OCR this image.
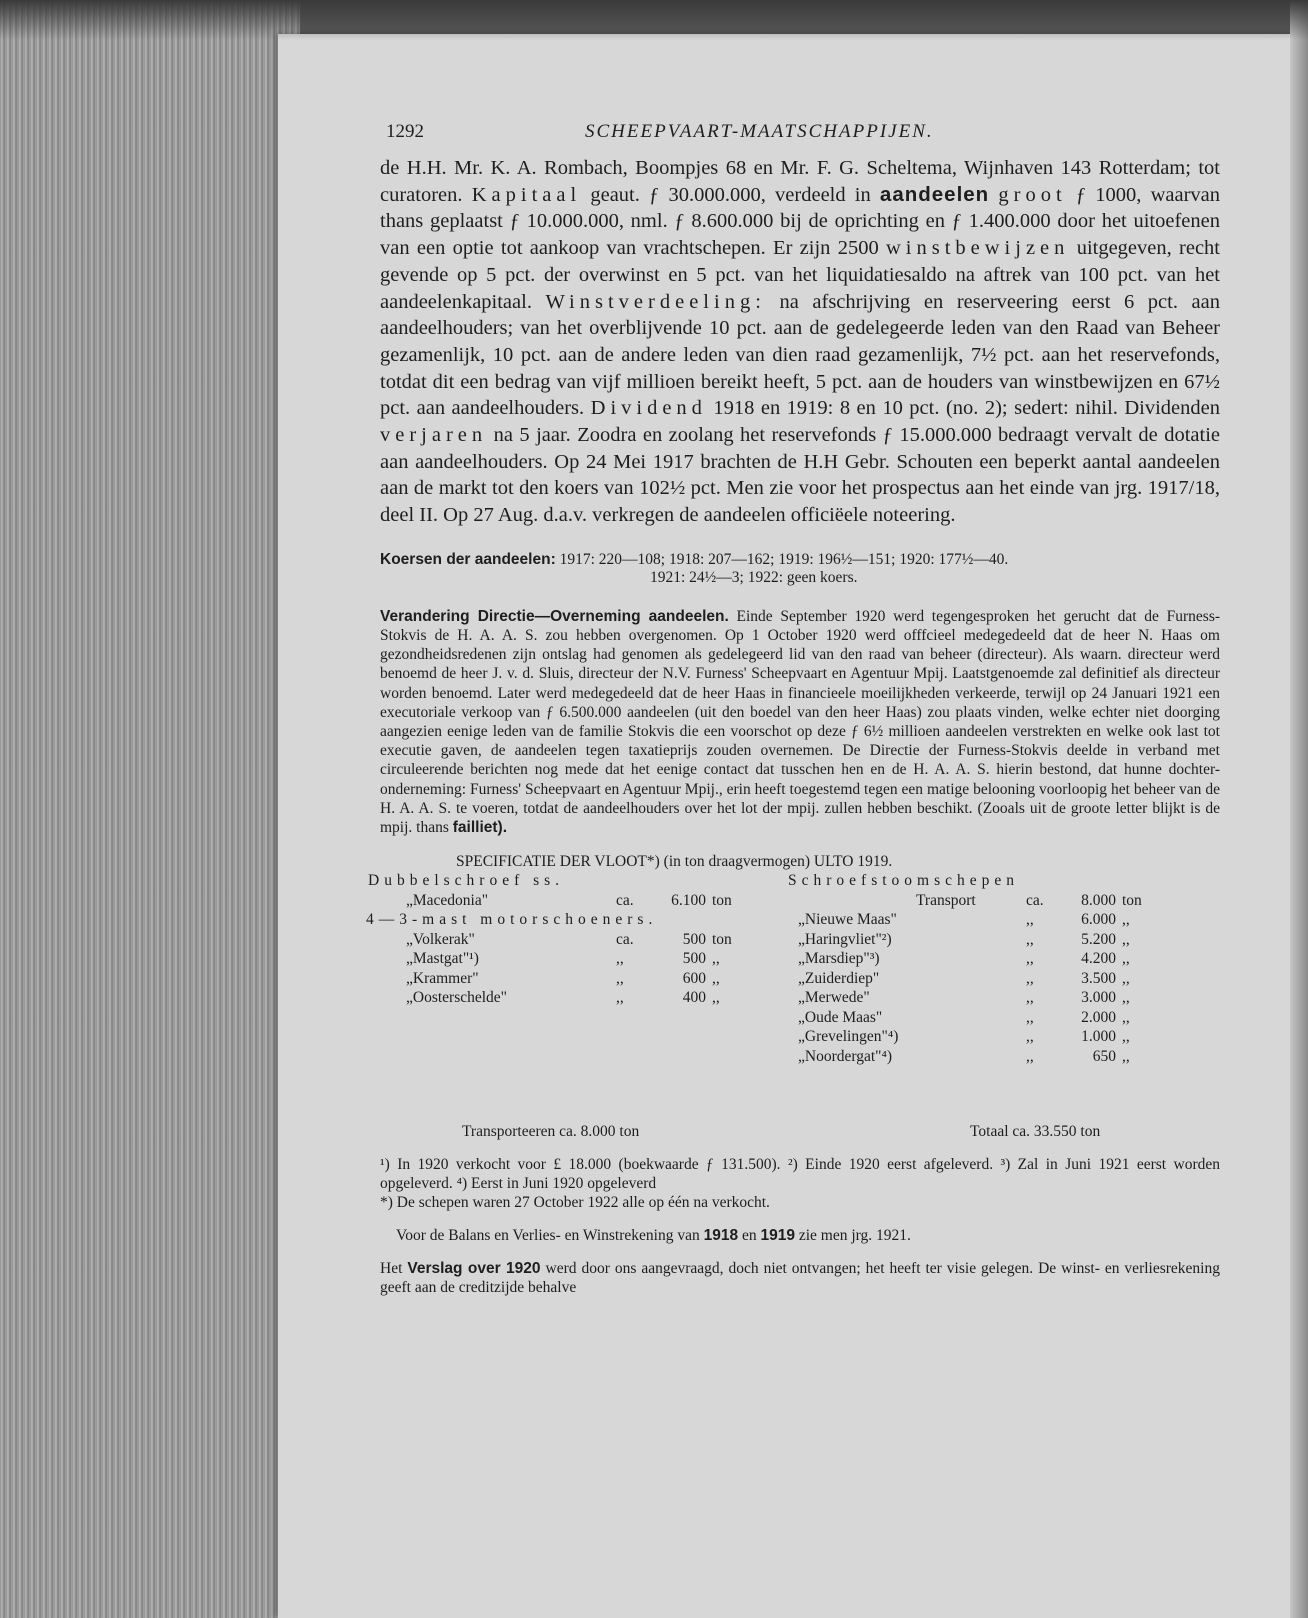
1292	SCHEEPVAART-MAATSCHAPPIJEN.

de H.H. Mr. K. A. Rombach, Boompjes 68 en Mr. F. G. Scheltema, Wijnhaven 143 Rotterdam; tot curatoren. Kapitaal geaut. ƒ 30.000.000, verdeeld in aandeelen groot ƒ 1000, waarvan thans geplaatst ƒ 10.000.000, nml. ƒ 8.600.000 bij de oprichting en ƒ 1.400.000 door het uitoefenen van een optie tot aankoop van vrachtschepen. Er zijn 2500 winstbewijzen uitgegeven, recht gevende op 5 pct. der overwinst en 5 pct. van het liquidatiesaldo na aftrek van 100 pct. van het aandeelenkapitaal. Winstverdeeling: na afschrijving en reserveering eerst 6 pct. aan aandeelhouders; van het overblijvende 10 pct. aan de gedelegeerde leden van den Raad van Beheer gezamenlijk, 10 pct. aan de andere leden van dien raad gezamenlijk, 7½ pct. aan het reservefonds, totdat dit een bedrag van vijf millioen bereikt heeft, 5 pct. aan de houders van winstbewijzen en 67½ pct. aan aandeelhouders. Dividend 1918 en 1919: 8 en 10 pct. (no. 2); sedert: nihil. Dividenden verjaren na 5 jaar. Zoodra en zoolang het reservefonds ƒ 15.000.000 bedraagt vervalt de dotatie aan aandeelhouders. Op 24 Mei 1917 brachten de H.H Gebr. Schouten een beperkt aantal aandeelen aan de markt tot den koers van 102½ pct. Men zie voor het prospectus aan het einde van jrg. 1917/18, deel II. Op 27 Aug. d.a.v. verkregen de aandeelen officiëele noteering.

Koersen der aandeelen: 1917: 220—108; 1918: 207—162; 1919: 196½—151; 1920: 177½—40.
1921: 24½—3; 1922: geen koers.

Verandering Directie—Overneming aandeelen. Einde September 1920 werd tegengesproken het gerucht dat de Furness-Stokvis de H. A. A. S. zou hebben overgenomen. Op 1 October 1920 werd offfcieel medegedeeld dat de heer N. Haas om gezondheidsredenen zijn ontslag had genomen als gedelegeerd lid van den raad van beheer (directeur). Als waarn. directeur werd benoemd de heer J. v. d. Sluis, directeur der N.V. Furness' Scheepvaart en Agentuur Mpij. Laatstgenoemde zal definitief als directeur worden benoemd. Later werd medegedeeld dat de heer Haas in financieele moeilijkheden verkeerde, terwijl op 24 Januari 1921 een executoriale verkoop van ƒ 6.500.000 aandeelen (uit den boedel van den heer Haas) zou plaats vinden, welke echter niet doorging aangezien eenige leden van de familie Stokvis die een voorschot op deze ƒ 6½ millioen aandeelen verstrekten en welke ook last tot executie gaven, de aandeelen tegen taxatieprijs zouden overnemen. De Directie der Furness-Stokvis deelde in verband met circuleerende berichten nog mede dat het eenige contact dat tusschen hen en de H. A. A. S. hierin bestond, dat hunne dochter-onderneming: Furness' Scheepvaart en Agentuur Mpij., erin heeft toegestemd tegen een matige belooning voorloopig het beheer van de H. A. A. S. te voeren, totdat de aandeelhouders over het lot der mpij. zullen hebben beschikt. (Zooals uit de groote letter blijkt is de mpij. thans failliet).

SPECIFICATIE DER VLOOT*) (in ton draagvermogen) ULTO 1919.
Dubbelschroef ss.
„Macedonia"	ca. 6.100 ton
4—3-mast motorschoeners.
„Volkerak"	ca.	500 ton
„Mastgat"¹)	,,	500 ,,
„Krammer"	,,	600 ,,
„Oosterschelde"	,,	400 ,,
Schroefstoomschepen
Transport	ca. 8.000 ton
„Nieuwe Maas"	,,	6.000 ,,
„Haringvliet"²)	,,	5.200 ,,
„Marsdiep"³)	,,	4.200 ,,
„Zuiderdiep"	,,	3.500 ,,
„Merwede"	,,	3.000 ,,
„Oude Maas"	,,	2.000 ,,
„Grevelingen"⁴)	,,	1.000 ,,
„Noordergat"⁴)	,,	650 ,,
Transporteeren ca. 8.000 ton	Totaal ca. 33.550 ton

¹) In 1920 verkocht voor £ 18.000 (boekwaarde ƒ 131.500). ²) Einde 1920 eerst afgeleverd. ³) Zal in Juni 1921 eerst worden opgeleverd. ⁴) Eerst in Juni 1920 opgeleverd
*) De schepen waren 27 October 1922 alle op één na verkocht.

Voor de Balans en Verlies- en Winstrekening van 1918 en 1919 zie men jrg. 1921.

Het Verslag over 1920 werd door ons aangevraagd, doch niet ontvangen; het heeft ter visie gelegen. De winst- en verliesrekening geeft aan de creditzijde behalve
